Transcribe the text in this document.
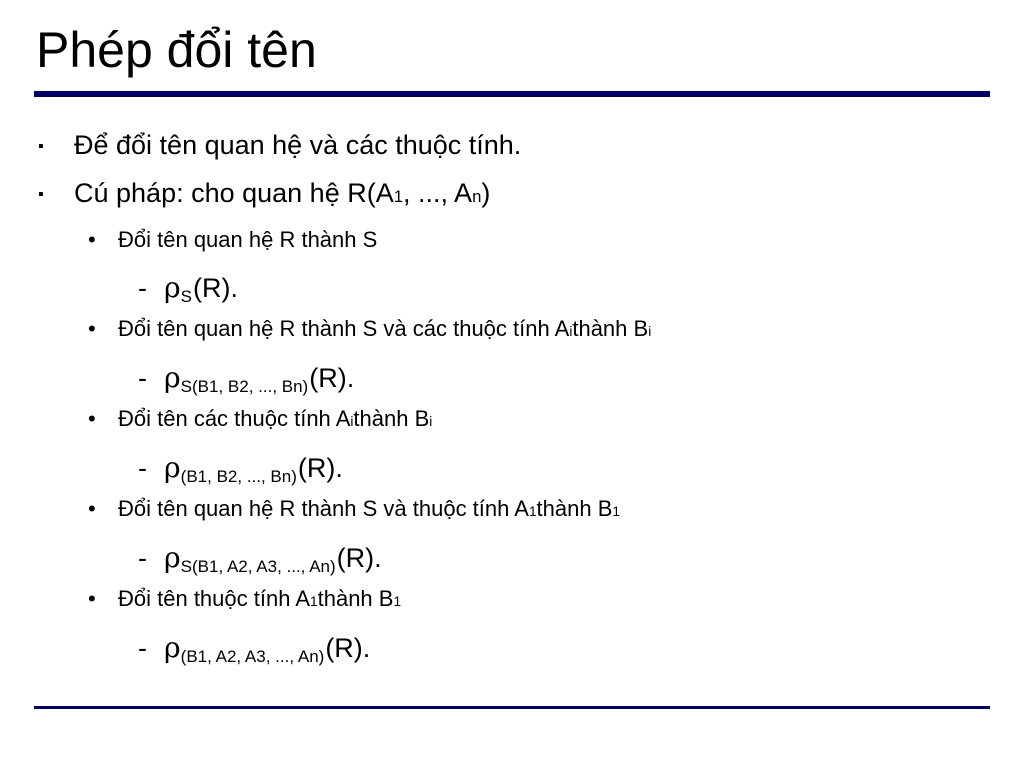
Phép đổi tên
▪	Để đổi tên quan hệ và các thuộc tính.
▪	Cú pháp: cho quan hệ R(A 1 , ..., A n )
•	Đổi tên quan hệ R thành S
- ρ S (R).
•	Đổi tên quan hệ R thành S và các thuộc tính A i thành B i
- ρ S(B1, B2, ..., Bn) (R).
•	Đổi tên các thuộc tính A i thành B i
- ρ (B1, B2, ..., Bn) (R).
•	Đổi tên quan hệ R thành S và thuộc tính A 1 thành B 1
- ρ S(B1, A2, A3, ..., An) (R).
•	Đổi tên thuộc tính A 1 thành B 1
- ρ (B1, A2, A3, ..., An) (R).
